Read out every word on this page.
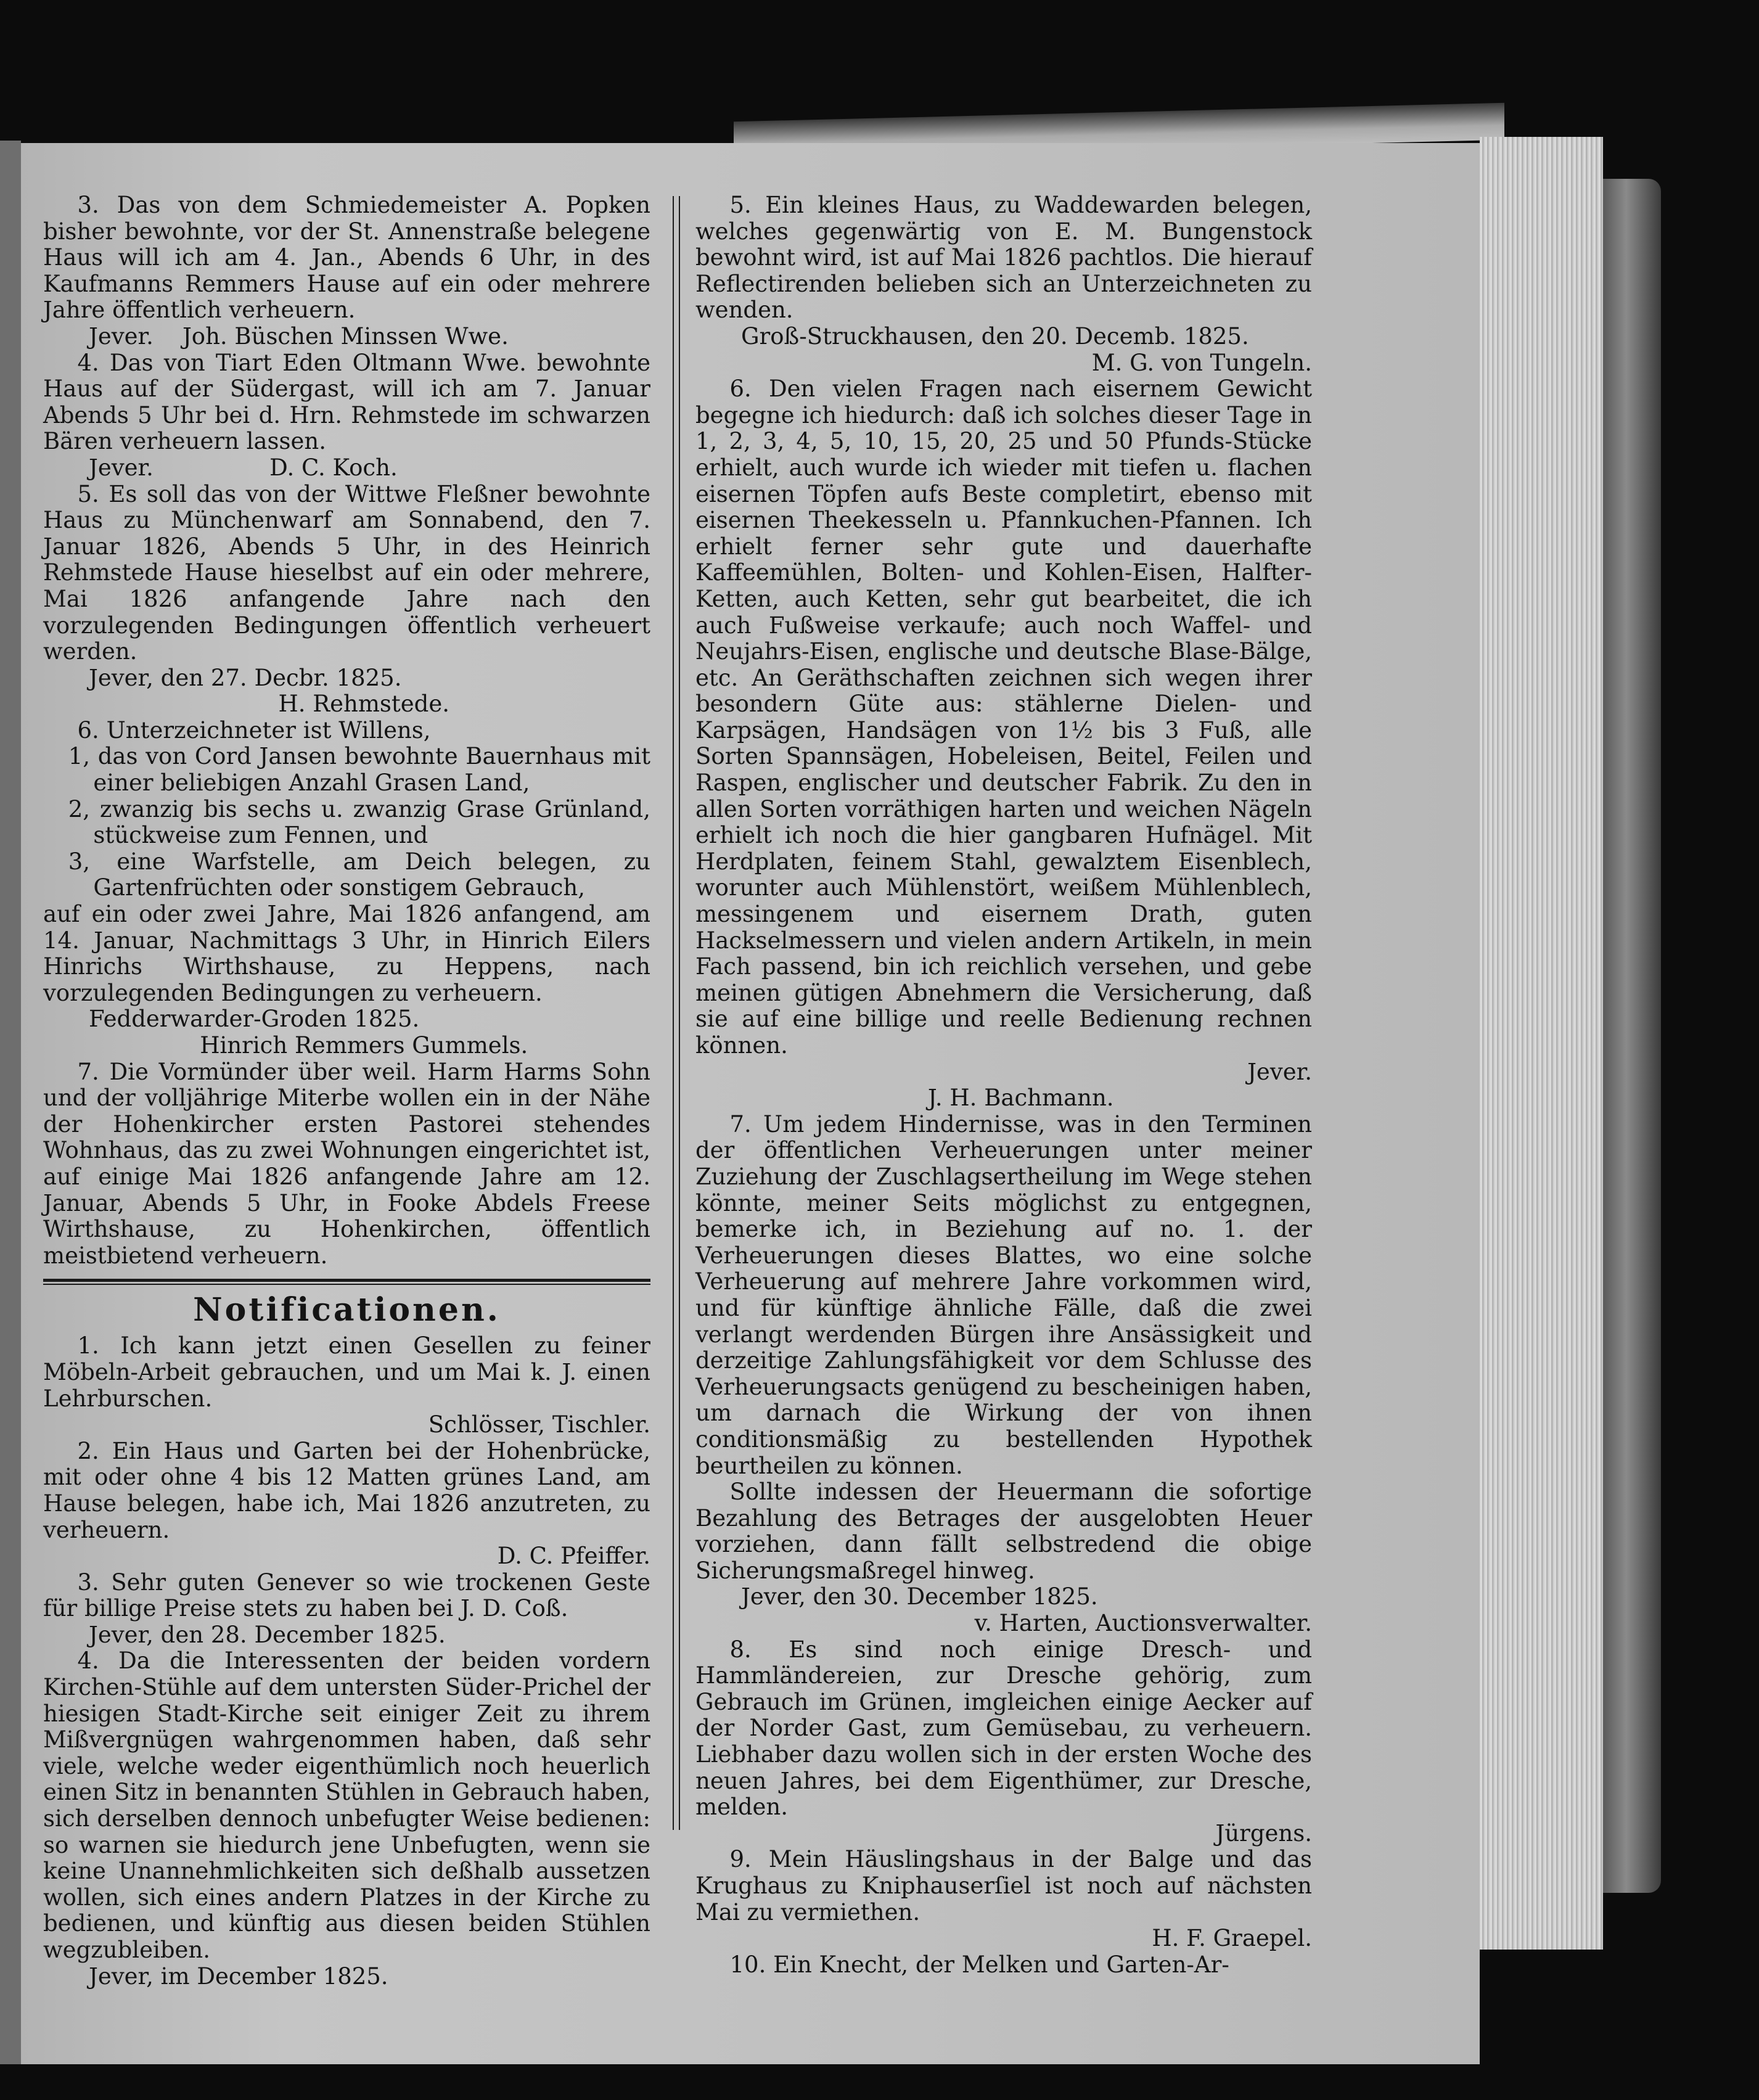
3. Das von dem Schmiedemeister A. Popken bisher bewohnte, vor der St. Annenstraße belegene Haus will ich am 4. Jan., Abends 6 Uhr, in des Kaufmanns Remmers Hause auf ein oder mehrere Jahre öffentlich verheuern.

Jever. Joh. Büschen Minssen Wwe.

4. Das von Tiart Eden Oltmann Wwe. bewohnte Haus auf der Südergast, will ich am 7. Januar Abends 5 Uhr bei d. Hrn. Rehmstede im schwarzen Bären verheuern lassen.

Jever.	D. C. Koch.

5. Es soll das von der Wittwe Fleßner bewohnte Haus zu Münchenwarf am Sonnabend, den 7. Januar 1826, Abends 5 Uhr, in des Heinrich Rehmstede Hause hieselbst auf ein oder mehrere, Mai 1826 anfangende Jahre nach den vorzulegenden Bedingungen öffentlich verheuert werden.

Jever, den 27. Decbr. 1825.

H. Rehmstede.

6. Unterzeichneter ist Willens,

1, das von Cord Jansen bewohnte Bauernhaus mit einer beliebigen Anzahl Grasen Land,

2, zwanzig bis sechs u. zwanzig Grase Grünland, stückweise zum Fennen, und

3, eine Warfstelle, am Deich belegen, zu Gartenfrüchten oder sonstigem Gebrauch,

auf ein oder zwei Jahre, Mai 1826 anfangend, am 14. Januar, Nachmittags 3 Uhr, in Hinrich Eilers Hinrichs Wirthshause, zu Heppens, nach vorzulegenden Bedingungen zu verheuern.

Fedderwarder-Groden 1825.

Hinrich Remmers Gummels.

7. Die Vormünder über weil. Harm Harms Sohn und der volljährige Miterbe wollen ein in der Nähe der Hohenkircher ersten Pastorei stehendes Wohnhaus, das zu zwei Wohnungen eingerichtet ist, auf einige Mai 1826 anfangende Jahre am 12. Januar, Abends 5 Uhr, in Fooke Abdels Freese Wirthshause, zu Hohenkirchen, öffentlich meistbietend verheuern.

Notificationen.

1. Ich kann jetzt einen Gesellen zu feiner Möbeln-Arbeit gebrauchen, und um Mai k. J. einen Lehrburschen.

Schlösser, Tischler.

2. Ein Haus und Garten bei der Hohenbrücke, mit oder ohne 4 bis 12 Matten grünes Land, am Hause belegen, habe ich, Mai 1826 anzutreten, zu verheuern.

D. C. Pfeiffer.

3. Sehr guten Genever so wie trockenen Geste für billige Preise stets zu haben bei J. D. Coß.

Jever, den 28. December 1825.

4. Da die Interessenten der beiden vordern Kirchen-Stühle auf dem untersten Süder-Prichel der hiesigen Stadt-Kirche seit einiger Zeit zu ihrem Mißvergnügen wahrgenommen haben, daß sehr viele, welche weder eigenthümlich noch heuerlich einen Sitz in benannten Stühlen in Gebrauch haben, sich derselben dennoch unbefugter Weise bedienen: so warnen sie hiedurch jene Unbefugten, wenn sie keine Unannehmlichkeiten sich deßhalb aussetzen wollen, sich eines andern Platzes in der Kirche zu bedienen, und künftig aus diesen beiden Stühlen wegzubleiben.

Jever, im December 1825.

5. Ein kleines Haus, zu Waddewarden belegen, welches gegenwärtig von E. M. Bungenstock bewohnt wird, ist auf Mai 1826 pachtlos. Die hierauf Reflectirenden belieben sich an Unterzeichneten zu wenden.

Groß-Struckhausen, den 20. Decemb. 1825.

M. G. von Tungeln.

6. Den vielen Fragen nach eisernem Gewicht begegne ich hiedurch: daß ich solches dieser Tage in 1, 2, 3, 4, 5, 10, 15, 20, 25 und 50 Pfunds-Stücke erhielt, auch wurde ich wieder mit tiefen u. flachen eisernen Töpfen aufs Beste completirt, ebenso mit eisernen Theekesseln u. Pfannkuchen-Pfannen. Ich erhielt ferner sehr gute und dauerhafte Kaffeemühlen, Bolten- und Kohlen-Eisen, Halfter-Ketten, auch Ketten, sehr gut bearbeitet, die ich auch Fußweise verkaufe; auch noch Waffel- und Neujahrs-Eisen, englische und deutsche Blase-Bälge, etc. An Geräthschaften zeichnen sich wegen ihrer besondern Güte aus: stählerne Dielen- und Karpsägen, Handsägen von 1½ bis 3 Fuß, alle Sorten Spannsägen, Hobeleisen, Beitel, Feilen und Raspen, englischer und deutscher Fabrik. Zu den in allen Sorten vorräthigen harten und weichen Nägeln erhielt ich noch die hier gangbaren Hufnägel. Mit Herdplaten, feinem Stahl, gewalztem Eisenblech, worunter auch Mühlenstört, weißem Mühlenblech, messingenem und eisernem Drath, guten Hackselmessern und vielen andern Artikeln, in mein Fach passend, bin ich reichlich versehen, und gebe meinen gütigen Abnehmern die Versicherung, daß sie auf eine billige und reelle Bedienung rechnen können.

Jever.

J. H. Bachmann.

7. Um jedem Hindernisse, was in den Terminen der öffentlichen Verheuerungen unter meiner Zuziehung der Zuschlagsertheilung im Wege stehen könnte, meiner Seits möglichst zu entgegnen, bemerke ich, in Beziehung auf no. 1. der Verheuerungen dieses Blattes, wo eine solche Verheuerung auf mehrere Jahre vorkommen wird, und für künftige ähnliche Fälle, daß die zwei verlangt werdenden Bürgen ihre Ansässigkeit und derzeitige Zahlungsfähigkeit vor dem Schlusse des Verheuerungsacts genügend zu bescheinigen haben, um darnach die Wirkung der von ihnen conditionsmäßig zu bestellenden Hypothek beurtheilen zu können.

Sollte indessen der Heuermann die sofortige Bezahlung des Betrages der ausgelobten Heuer vorziehen, dann fällt selbstredend die obige Sicherungsmaßregel hinweg.

Jever, den 30. December 1825.

v. Harten, Auctionsverwalter.

8. Es sind noch einige Dresch- und Hammländereien, zur Dresche gehörig, zum Gebrauch im Grünen, imgleichen einige Aecker auf der Norder Gast, zum Gemüsebau, zu verheuern. Liebhaber dazu wollen sich in der ersten Woche des neuen Jahres, bei dem Eigenthümer, zur Dresche, melden.

Jürgens.

9. Mein Häuslingshaus in der Balge und das Krughaus zu Kniphauserſiel ist noch auf nächsten Mai zu vermiethen.

H. F. Graepel.

10. Ein Knecht, der Melken und Garten-Ar-
